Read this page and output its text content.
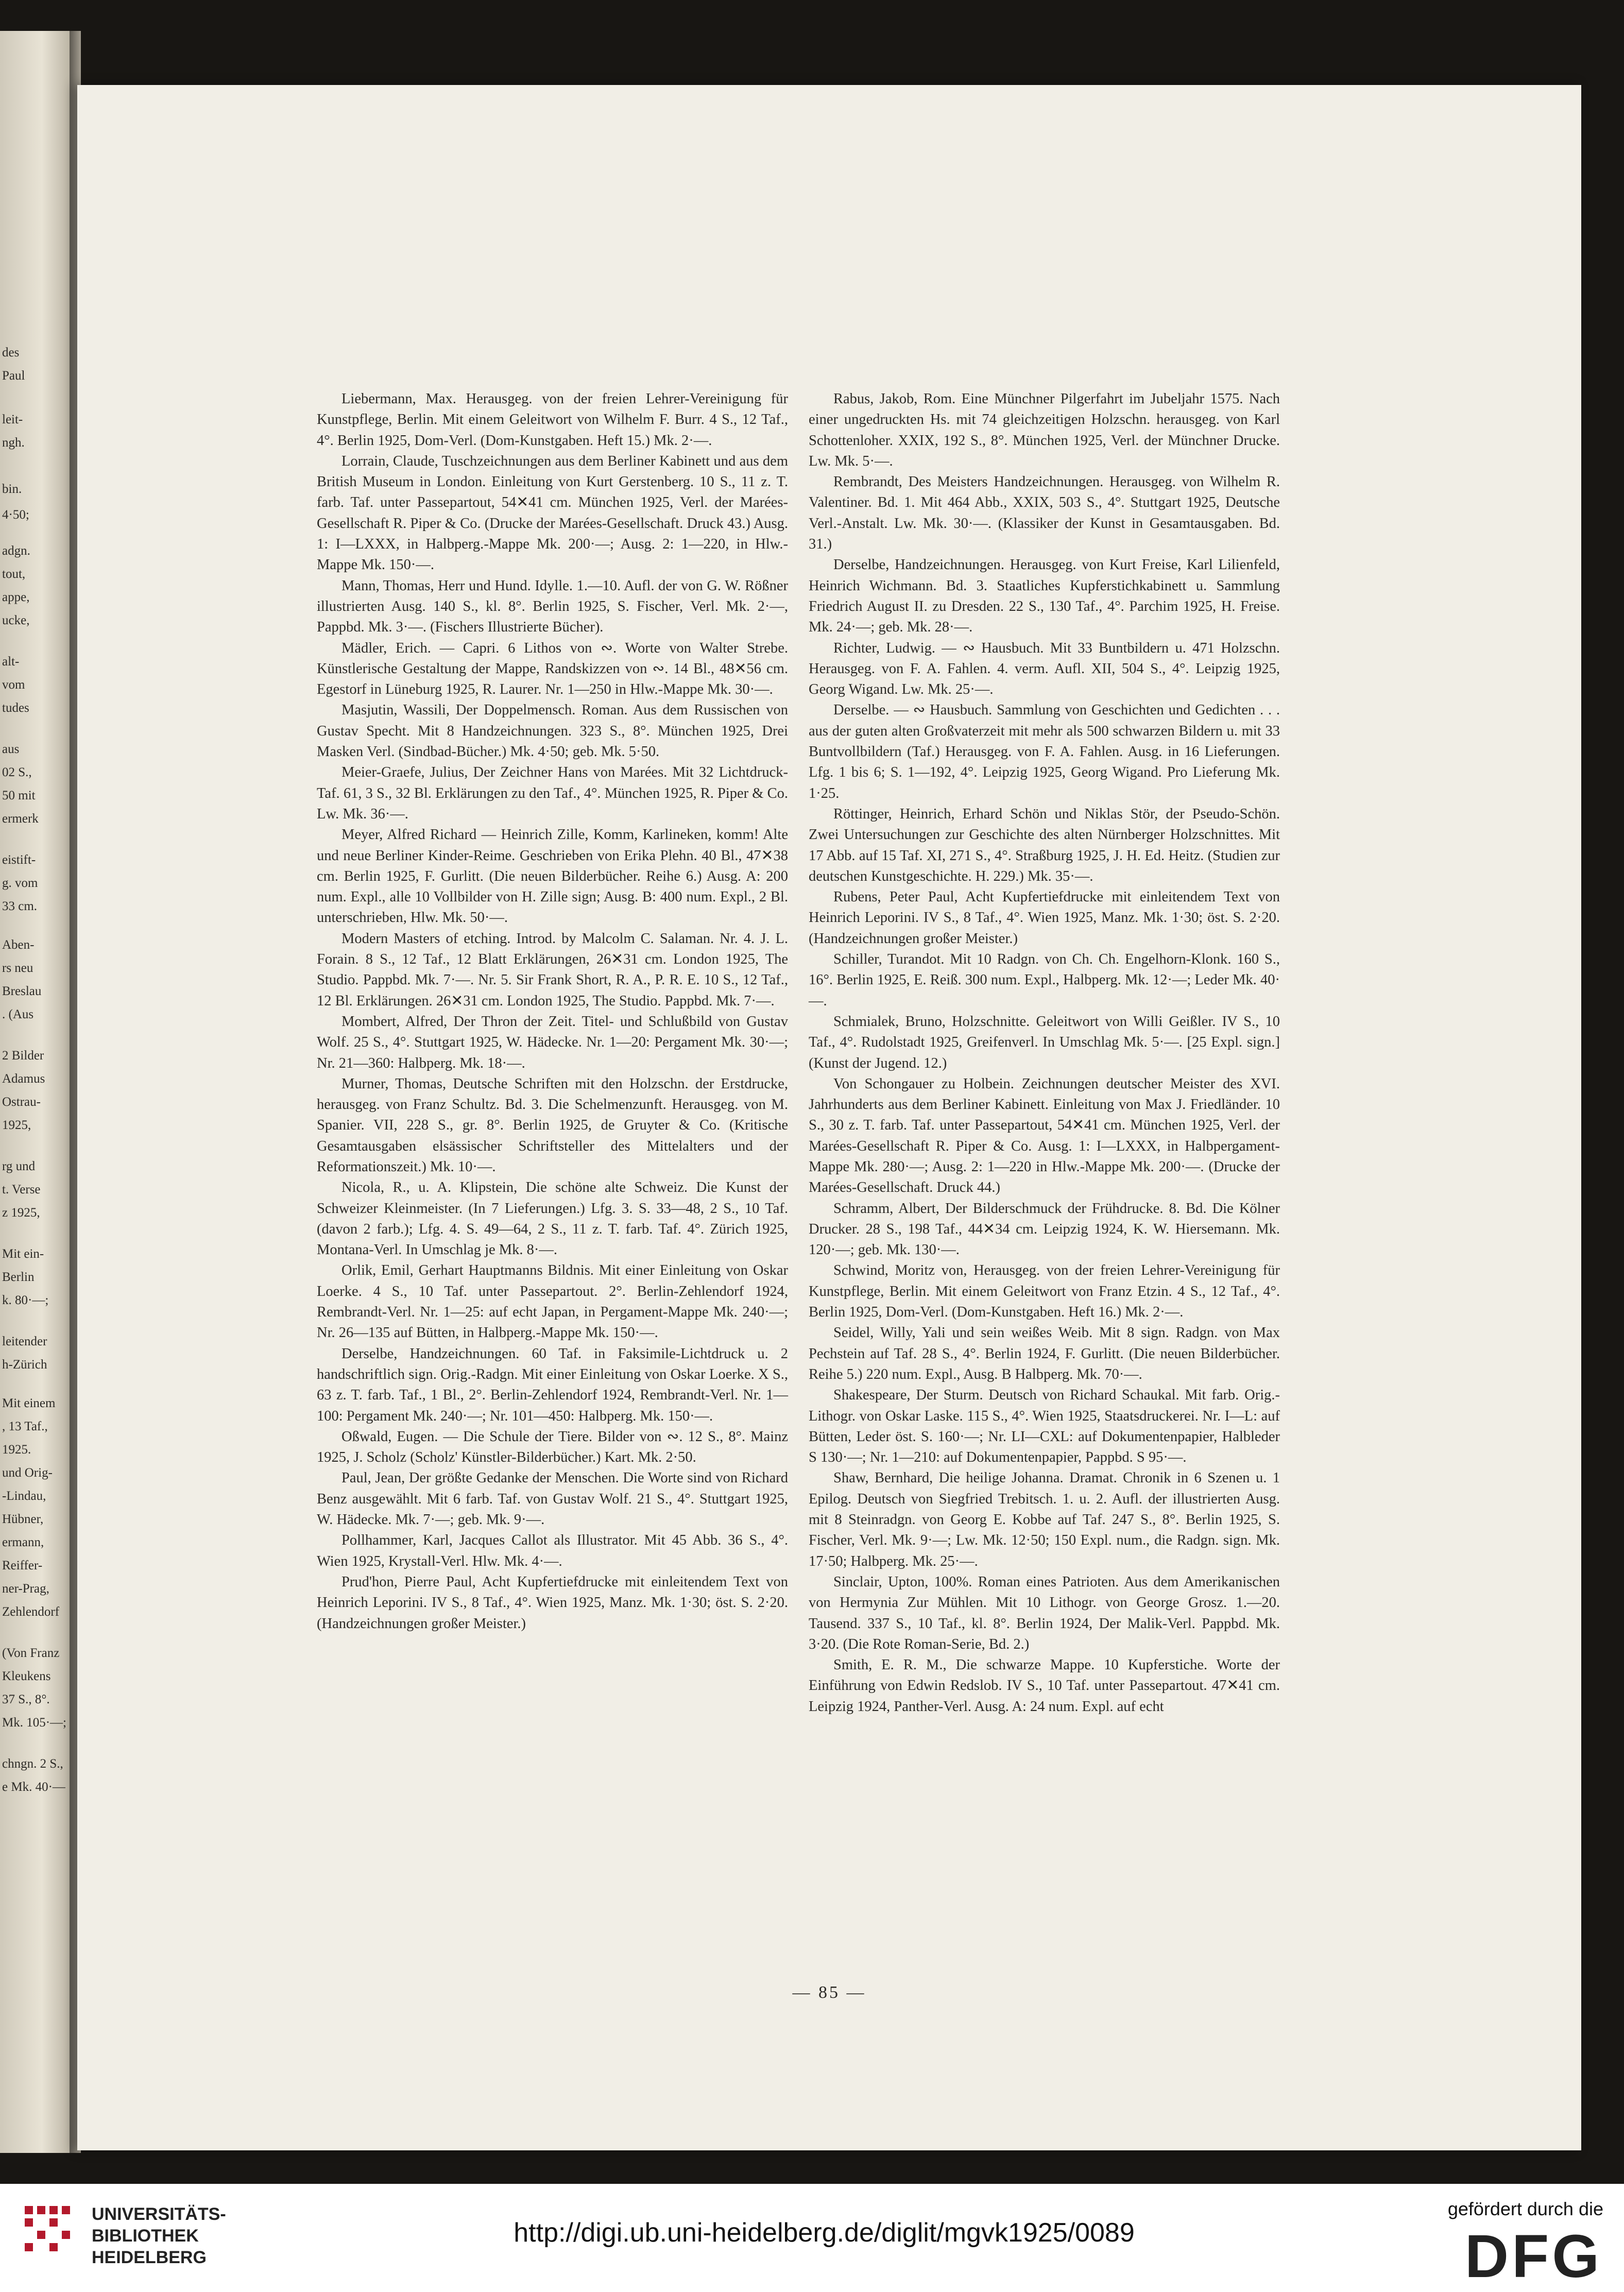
des
Paul
leit-
ngh.
bin.
4·50;
adgn.
tout,
appe,
ucke,
alt-
vom
tudes
aus
02 S.,
50 mit
ermerk
eistift-
g. vom
33 cm.
Aben-
rs neu
Breslau
. (Aus
2 Bilder
Adamus
Ostrau-
1925,
rg und
t. Verse
z 1925,
Mit ein-
Berlin
k. 80·—;
leitender
h-Zürich
Mit einem
, 13 Taf.,
1925.
und Orig-
-Lindau,
Hübner,
ermann,
Reiffer-
ner-Prag,
Zehlendorf
(Von Franz
Kleukens
37 S., 8°.
Mk. 105·—;
chngn. 2 S.,
e Mk. 40·—

Liebermann, Max. Herausgeg. von der freien Lehrer-Vereinigung für Kunstpflege, Berlin. Mit einem Geleitwort von Wilhelm F. Burr. 4 S., 12 Taf., 4°. Berlin 1925, Dom-Verl. (Dom-Kunstgaben. Heft 15.) Mk. 2·—.

Lorrain, Claude, Tuschzeichnungen aus dem Berliner Kabinett und aus dem British Museum in London. Einleitung von Kurt Gerstenberg. 10 S., 11 z. T. farb. Taf. unter Passepartout, 54✕41 cm. München 1925, Verl. der Marées-Gesellschaft R. Piper & Co. (Drucke der Marées-Gesellschaft. Druck 43.) Ausg. 1: I—LXXX, in Halbperg.-Mappe Mk. 200·—; Ausg. 2: 1—220, in Hlw.-Mappe Mk. 150·—.

Mann, Thomas, Herr und Hund. Idylle. 1.—10. Aufl. der von G. W. Rößner illustrierten Ausg. 140 S., kl. 8°. Berlin 1925, S. Fischer, Verl. Mk. 2·—, Pappbd. Mk. 3·—. (Fischers Illustrierte Bücher).

Mädler, Erich. — Capri. 6 Lithos von ∾. Worte von Walter Strebe. Künstlerische Gestaltung der Mappe, Randskizzen von ∾. 14 Bl., 48✕56 cm. Egestorf in Lüneburg 1925, R. Laurer. Nr. 1—250 in Hlw.-Mappe Mk. 30·—.

Masjutin, Wassili, Der Doppelmensch. Roman. Aus dem Russischen von Gustav Specht. Mit 8 Handzeichnungen. 323 S., 8°. München 1925, Drei Masken Verl. (Sindbad-Bücher.) Mk. 4·50; geb. Mk. 5·50.

Meier-Graefe, Julius, Der Zeichner Hans von Marées. Mit 32 Lichtdruck-Taf. 61, 3 S., 32 Bl. Erklärungen zu den Taf., 4°. München 1925, R. Piper & Co. Lw. Mk. 36·—.

Meyer, Alfred Richard — Heinrich Zille, Komm, Karlineken, komm! Alte und neue Berliner Kinder-Reime. Geschrieben von Erika Plehn. 40 Bl., 47✕38 cm. Berlin 1925, F. Gurlitt. (Die neuen Bilderbücher. Reihe 6.) Ausg. A: 200 num. Expl., alle 10 Vollbilder von H. Zille sign; Ausg. B: 400 num. Expl., 2 Bl. unterschrieben, Hlw. Mk. 50·—.

Modern Masters of etching. Introd. by Malcolm C. Salaman. Nr. 4. J. L. Forain. 8 S., 12 Taf., 12 Blatt Erklärungen, 26✕31 cm. London 1925, The Studio. Pappbd. Mk. 7·—. Nr. 5. Sir Frank Short, R. A., P. R. E. 10 S., 12 Taf., 12 Bl. Erklärungen. 26✕31 cm. London 1925, The Studio. Pappbd. Mk. 7·—.

Mombert, Alfred, Der Thron der Zeit. Titel- und Schlußbild von Gustav Wolf. 25 S., 4°. Stuttgart 1925, W. Hädecke. Nr. 1—20: Pergament Mk. 30·—; Nr. 21—360: Halbperg. Mk. 18·—.

Murner, Thomas, Deutsche Schriften mit den Holzschn. der Erstdrucke, herausgeg. von Franz Schultz. Bd. 3. Die Schelmenzunft. Herausgeg. von M. Spanier. VII, 228 S., gr. 8°. Berlin 1925, de Gruyter & Co. (Kritische Gesamtausgaben elsässischer Schriftsteller des Mittelalters und der Reformationszeit.) Mk. 10·—.

Nicola, R., u. A. Klipstein, Die schöne alte Schweiz. Die Kunst der Schweizer Kleinmeister. (In 7 Lieferungen.) Lfg. 3. S. 33—48, 2 S., 10 Taf. (davon 2 farb.); Lfg. 4. S. 49—64, 2 S., 11 z. T. farb. Taf. 4°. Zürich 1925, Montana-Verl. In Umschlag je Mk. 8·—.

Orlik, Emil, Gerhart Hauptmanns Bildnis. Mit einer Einleitung von Oskar Loerke. 4 S., 10 Taf. unter Passepartout. 2°. Berlin-Zehlendorf 1924, Rembrandt-Verl. Nr. 1—25: auf echt Japan, in Pergament-Mappe Mk. 240·—; Nr. 26—135 auf Bütten, in Halbperg.-Mappe Mk. 150·—.

Derselbe, Handzeichnungen. 60 Taf. in Faksimile-Lichtdruck u. 2 handschriftlich sign. Orig.-Radgn. Mit einer Einleitung von Oskar Loerke. X S., 63 z. T. farb. Taf., 1 Bl., 2°. Berlin-Zehlendorf 1924, Rembrandt-Verl. Nr. 1—100: Pergament Mk. 240·—; Nr. 101—450: Halbperg. Mk. 150·—.

Oßwald, Eugen. — Die Schule der Tiere. Bilder von ∾. 12 S., 8°. Mainz 1925, J. Scholz (Scholz' Künstler-Bilderbücher.) Kart. Mk. 2·50.

Paul, Jean, Der größte Gedanke der Menschen. Die Worte sind von Richard Benz ausgewählt. Mit 6 farb. Taf. von Gustav Wolf. 21 S., 4°. Stuttgart 1925, W. Hädecke. Mk. 7·—; geb. Mk. 9·—.

Pollhammer, Karl, Jacques Callot als Illustrator. Mit 45 Abb. 36 S., 4°. Wien 1925, Krystall-Verl. Hlw. Mk. 4·—.

Prud'hon, Pierre Paul, Acht Kupfertiefdrucke mit einleitendem Text von Heinrich Leporini. IV S., 8 Taf., 4°. Wien 1925, Manz. Mk. 1·30; öst. S. 2·20. (Handzeichnungen großer Meister.)

Rabus, Jakob, Rom. Eine Münchner Pilgerfahrt im Jubeljahr 1575. Nach einer ungedruckten Hs. mit 74 gleichzeitigen Holzschn. herausgeg. von Karl Schottenloher. XXIX, 192 S., 8°. München 1925, Verl. der Münchner Drucke. Lw. Mk. 5·—.

Rembrandt, Des Meisters Handzeichnungen. Herausgeg. von Wilhelm R. Valentiner. Bd. 1. Mit 464 Abb., XXIX, 503 S., 4°. Stuttgart 1925, Deutsche Verl.-Anstalt. Lw. Mk. 30·—. (Klassiker der Kunst in Gesamtausgaben. Bd. 31.)

Derselbe, Handzeichnungen. Herausgeg. von Kurt Freise, Karl Lilienfeld, Heinrich Wichmann. Bd. 3. Staatliches Kupferstichkabinett u. Sammlung Friedrich August II. zu Dresden. 22 S., 130 Taf., 4°. Parchim 1925, H. Freise. Mk. 24·—; geb. Mk. 28·—.

Richter, Ludwig. — ∾ Hausbuch. Mit 33 Buntbildern u. 471 Holzschn. Herausgeg. von F. A. Fahlen. 4. verm. Aufl. XII, 504 S., 4°. Leipzig 1925, Georg Wigand. Lw. Mk. 25·—.

Derselbe. — ∾ Hausbuch. Sammlung von Geschichten und Gedichten . . . aus der guten alten Großvaterzeit mit mehr als 500 schwarzen Bildern u. mit 33 Buntvollbildern (Taf.) Herausgeg. von F. A. Fahlen. Ausg. in 16 Lieferungen. Lfg. 1 bis 6; S. 1—192, 4°. Leipzig 1925, Georg Wigand. Pro Lieferung Mk. 1·25.

Röttinger, Heinrich, Erhard Schön und Niklas Stör, der Pseudo-Schön. Zwei Untersuchungen zur Geschichte des alten Nürnberger Holzschnittes. Mit 17 Abb. auf 15 Taf. XI, 271 S., 4°. Straßburg 1925, J. H. Ed. Heitz. (Studien zur deutschen Kunstgeschichte. H. 229.) Mk. 35·—.

Rubens, Peter Paul, Acht Kupfertiefdrucke mit einleitendem Text von Heinrich Leporini. IV S., 8 Taf., 4°. Wien 1925, Manz. Mk. 1·30; öst. S. 2·20. (Handzeichnungen großer Meister.)

Schiller, Turandot. Mit 10 Radgn. von Ch. Ch. Engelhorn-Klonk. 160 S., 16°. Berlin 1925, E. Reiß. 300 num. Expl., Halbperg. Mk. 12·—; Leder Mk. 40·—.

Schmialek, Bruno, Holzschnitte. Geleitwort von Willi Geißler. IV S., 10 Taf., 4°. Rudolstadt 1925, Greifenverl. In Umschlag Mk. 5·—. [25 Expl. sign.] (Kunst der Jugend. 12.)

Von Schongauer zu Holbein. Zeichnungen deutscher Meister des XVI. Jahrhunderts aus dem Berliner Kabinett. Einleitung von Max J. Friedländer. 10 S., 30 z. T. farb. Taf. unter Passepartout, 54✕41 cm. München 1925, Verl. der Marées-Gesellschaft R. Piper & Co. Ausg. 1: I—LXXX, in Halbpergament-Mappe Mk. 280·—; Ausg. 2: 1—220 in Hlw.-Mappe Mk. 200·—. (Drucke der Marées-Gesellschaft. Druck 44.)

Schramm, Albert, Der Bilderschmuck der Frühdrucke. 8. Bd. Die Kölner Drucker. 28 S., 198 Taf., 44✕34 cm. Leipzig 1924, K. W. Hiersemann. Mk. 120·—; geb. Mk. 130·—.

Schwind, Moritz von, Herausgeg. von der freien Lehrer-Vereinigung für Kunstpflege, Berlin. Mit einem Geleitwort von Franz Etzin. 4 S., 12 Taf., 4°. Berlin 1925, Dom-Verl. (Dom-Kunstgaben. Heft 16.) Mk. 2·—.

Seidel, Willy, Yali und sein weißes Weib. Mit 8 sign. Radgn. von Max Pechstein auf Taf. 28 S., 4°. Berlin 1924, F. Gurlitt. (Die neuen Bilderbücher. Reihe 5.) 220 num. Expl., Ausg. B Halbperg. Mk. 70·—.

Shakespeare, Der Sturm. Deutsch von Richard Schaukal. Mit farb. Orig.-Lithogr. von Oskar Laske. 115 S., 4°. Wien 1925, Staatsdruckerei. Nr. I—L: auf Bütten, Leder öst. S. 160·—; Nr. LI—CXL: auf Dokumentenpapier, Halbleder S 130·—; Nr. 1—210: auf Dokumentenpapier, Pappbd. S 95·—.

Shaw, Bernhard, Die heilige Johanna. Dramat. Chronik in 6 Szenen u. 1 Epilog. Deutsch von Siegfried Trebitsch. 1. u. 2. Aufl. der illustrierten Ausg. mit 8 Steinradgn. von Georg E. Kobbe auf Taf. 247 S., 8°. Berlin 1925, S. Fischer, Verl. Mk. 9·—; Lw. Mk. 12·50; 150 Expl. num., die Radgn. sign. Mk. 17·50; Halbperg. Mk. 25·—.

Sinclair, Upton, 100%. Roman eines Patrioten. Aus dem Amerikanischen von Hermynia Zur Mühlen. Mit 10 Lithogr. von George Grosz. 1.—20. Tausend. 337 S., 10 Taf., kl. 8°. Berlin 1924, Der Malik-Verl. Pappbd. Mk. 3·20. (Die Rote Roman-Serie, Bd. 2.)

Smith, E. R. M., Die schwarze Mappe. 10 Kupferstiche. Worte der Einführung von Edwin Redslob. IV S., 10 Taf. unter Passepartout. 47✕41 cm. Leipzig 1924, Panther-Verl. Ausg. A: 24 num. Expl. auf echt

— 85 —
UNIVERSITÄTS-
BIBLIOTHEK
HEIDELBERG
http://digi.ub.uni-heidelberg.de/diglit/mgvk1925/0089
gefördert durch die
DFG
